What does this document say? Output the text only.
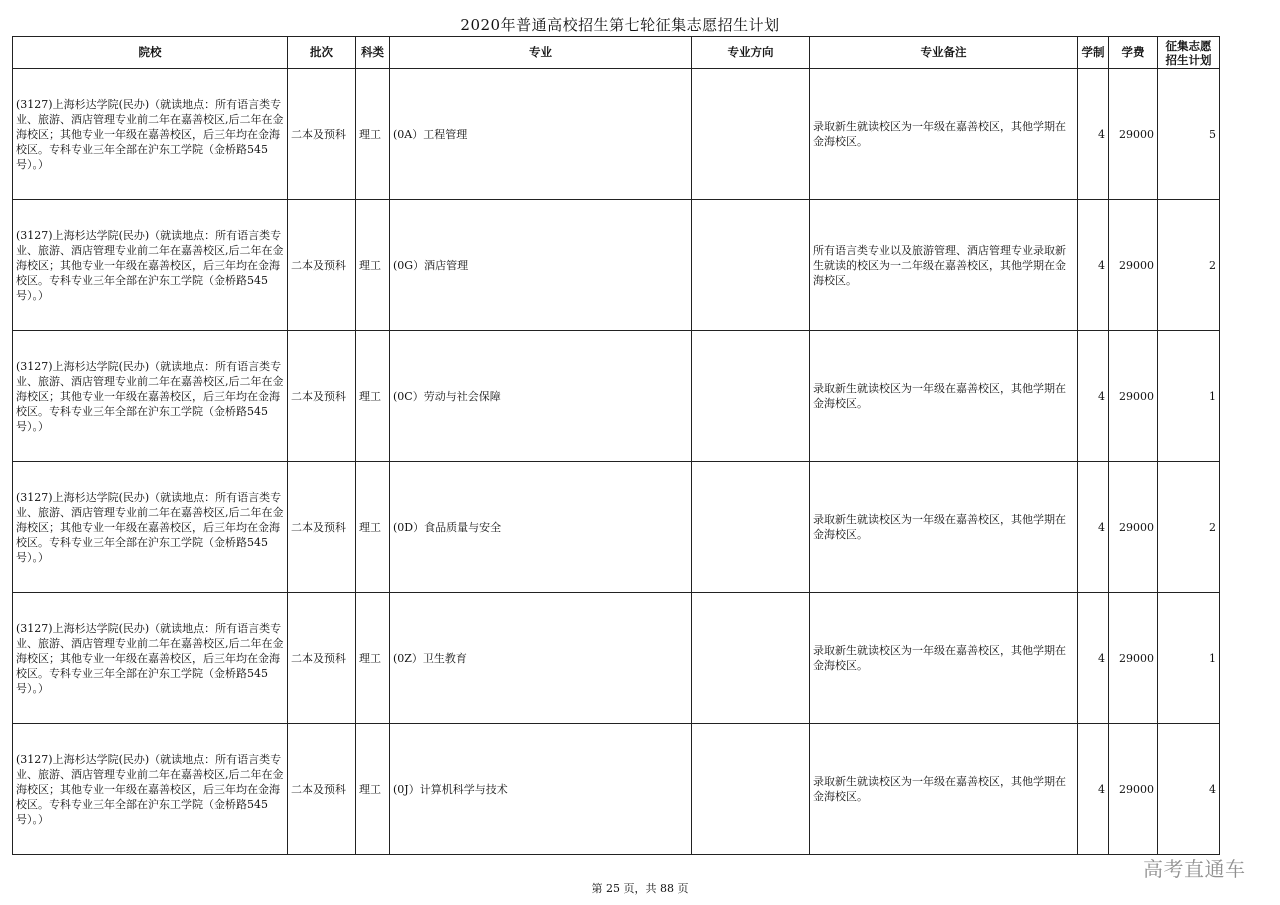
2020年普通高校招生第七轮征集志愿招生计划
院校	批次	科类	专业	专业方向	专业备注	学制	学费	征集志愿
招生计划
(3127)上海杉达学院(民办)（就读地点：所有语言类专业、旅游、酒店管理专业前二年在嘉善校区,后二年在金海校区；其他专业一年级在嘉善校区，后三年均在金海校区。专科专业三年全部在沪东工学院（金桥路545号）。）	二本及预科	理工	(0A）工程管理		录取新生就读校区为一年级在嘉善校区，其他学期在金海校区。	4	29000	5
(3127)上海杉达学院(民办)（就读地点：所有语言类专业、旅游、酒店管理专业前二年在嘉善校区,后二年在金海校区；其他专业一年级在嘉善校区，后三年均在金海校区。专科专业三年全部在沪东工学院（金桥路545号）。）	二本及预科	理工	(0G）酒店管理		所有语言类专业以及旅游管理、酒店管理专业录取新生就读的校区为一二年级在嘉善校区，其他学期在金海校区。	4	29000	2
(3127)上海杉达学院(民办)（就读地点：所有语言类专业、旅游、酒店管理专业前二年在嘉善校区,后二年在金海校区；其他专业一年级在嘉善校区，后三年均在金海校区。专科专业三年全部在沪东工学院（金桥路545号）。）	二本及预科	理工	(0C）劳动与社会保障		录取新生就读校区为一年级在嘉善校区，其他学期在金海校区。	4	29000	1
(3127)上海杉达学院(民办)（就读地点：所有语言类专业、旅游、酒店管理专业前二年在嘉善校区,后二年在金海校区；其他专业一年级在嘉善校区，后三年均在金海校区。专科专业三年全部在沪东工学院（金桥路545号）。）	二本及预科	理工	(0D）食品质量与安全		录取新生就读校区为一年级在嘉善校区，其他学期在金海校区。	4	29000	2
(3127)上海杉达学院(民办)（就读地点：所有语言类专业、旅游、酒店管理专业前二年在嘉善校区,后二年在金海校区；其他专业一年级在嘉善校区，后三年均在金海校区。专科专业三年全部在沪东工学院（金桥路545号）。）	二本及预科	理工	(0Z）卫生教育		录取新生就读校区为一年级在嘉善校区，其他学期在金海校区。	4	29000	1
(3127)上海杉达学院(民办)（就读地点：所有语言类专业、旅游、酒店管理专业前二年在嘉善校区,后二年在金海校区；其他专业一年级在嘉善校区，后三年均在金海校区。专科专业三年全部在沪东工学院（金桥路545号）。）	二本及预科	理工	(0J）计算机科学与技术		录取新生就读校区为一年级在嘉善校区，其他学期在金海校区。	4	29000	4
高考直通车
第 25 页，共 88 页
